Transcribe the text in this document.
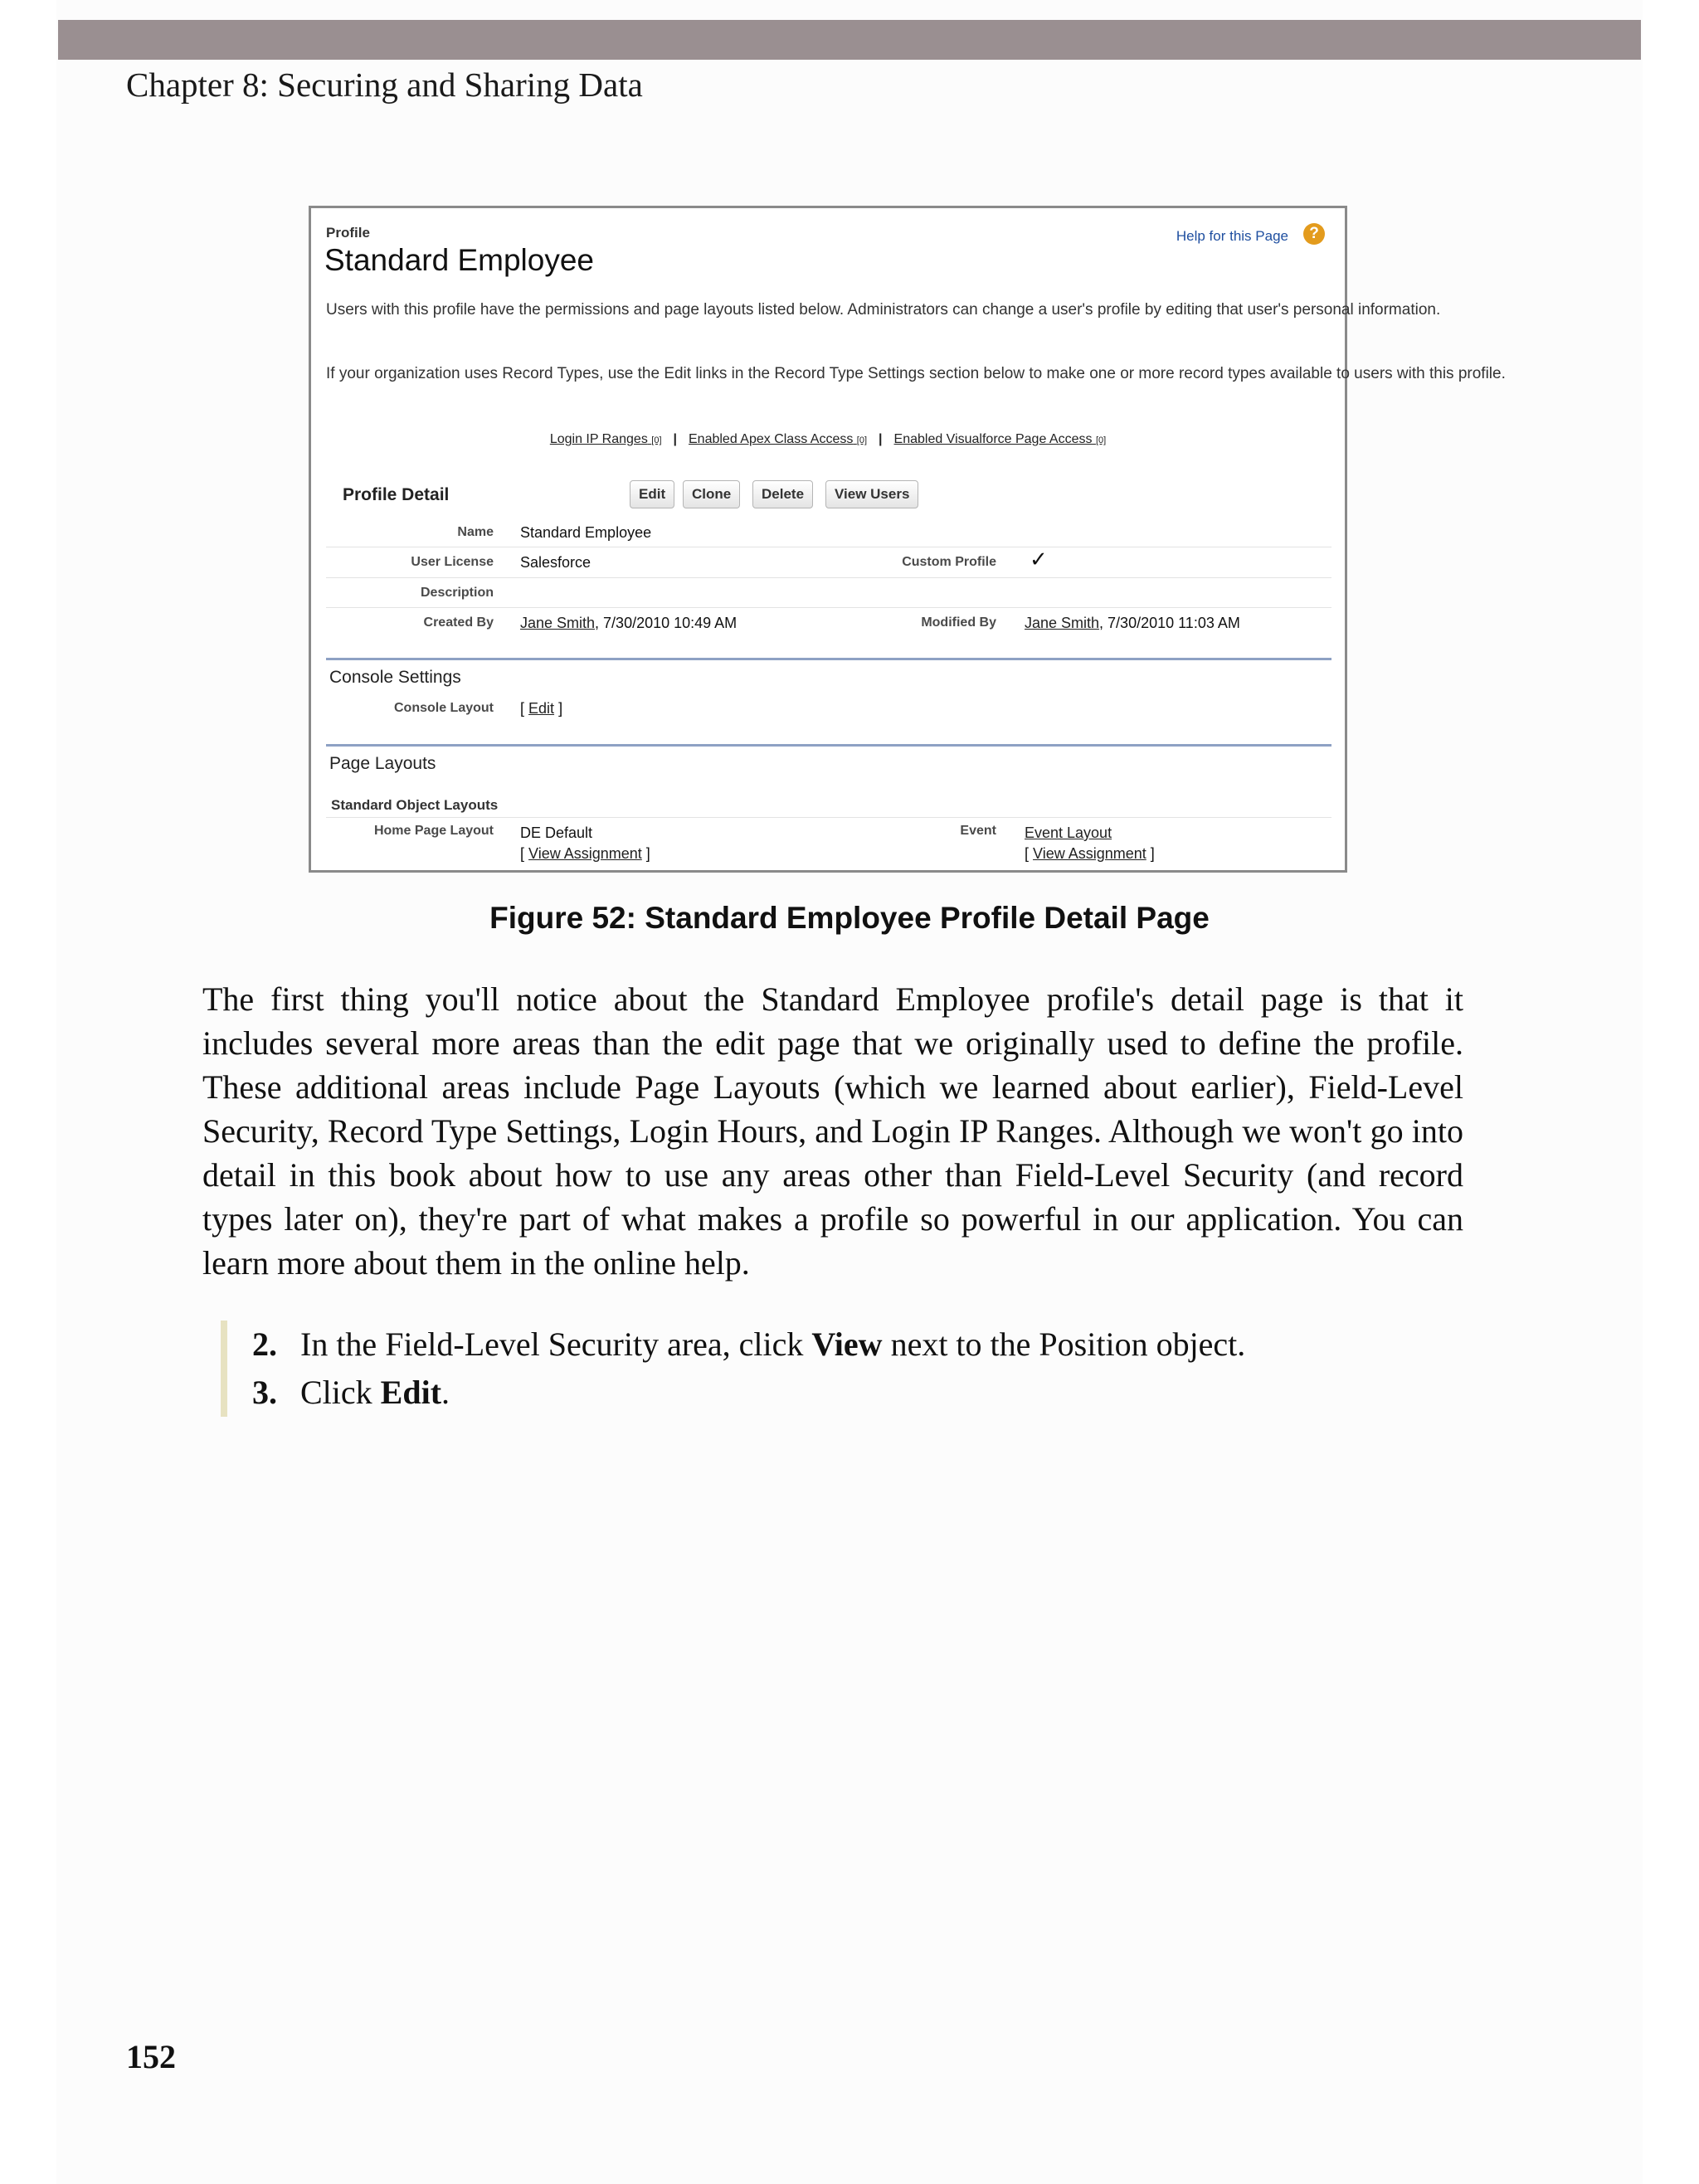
Chapter 8: Securing and Sharing Data
Profile
Standard Employee
Help for this Page	?
Users with this profile have the permissions and page layouts listed below. Administrators can change a user's profile by editing that user's personal information.
If your organization uses Record Types, use the Edit links in the Record Type Settings section below to make one or more record types available to users with this profile.
Login IP Ranges [0] | Enabled Apex Class Access [0] | Enabled Visualforce Page Access [0]
Profile Detail	Edit	Clone	Delete	View Users
Name Standard Employee
User License Salesforce	Custom Profile ✓
Description
Created By Jane Smith, 7/30/2010 10:49 AM	Modified By Jane Smith, 7/30/2010 11:03 AM
Console Settings
Console Layout [ Edit ]
Page Layouts
Standard Object Layouts
Home Page Layout DE Default
[ View Assignment ]
Event Event Layout
[ View Assignment ]
Figure 52: Standard Employee Profile Detail Page
The first thing you'll notice about the Standard Employee profile's detail page is that it includes several more areas than the edit page that we originally used to define the profile. These additional areas include Page Layouts (which we learned about earlier), Field-Level Security, Record Type Settings, Login Hours, and Login IP Ranges. Although we won't go into detail in this book about how to use any areas other than Field-Level Security (and record types later on), they're part of what makes a profile so powerful in our application. You can learn more about them in the online help.
2. In the Field-Level Security area, click View next to the Position object.
3. Click Edit.
152
